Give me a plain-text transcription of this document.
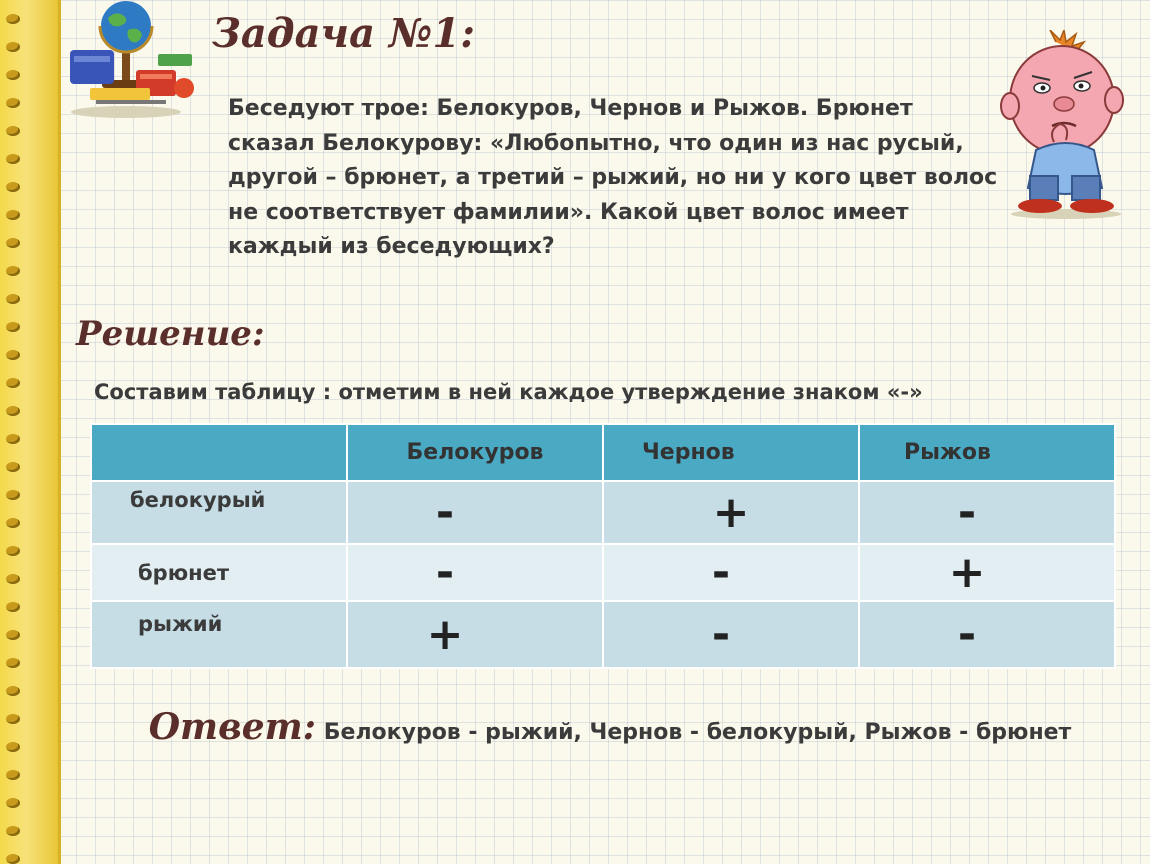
Задача №1:

Беседуют трое: Белокуров, Чернов и Рыжов. Брюнет сказал Белокурову: «Любопытно, что один из нас русый, другой – брюнет, а третий – рыжий, но ни у кого цвет волос не соответствует фамилии». Какой цвет волос имеет каждый из беседующих?

Решение:

Составим таблицу : отметим в ней каждое утверждение знаком «-»

	Белокуров	Чернов	Рыжов
белокурый	-	+	-
брюнет	-	-	+
рыжий	+	-	-

Ответ: Белокуров - рыжий, Чернов - белокурый, Рыжов - брюнет
